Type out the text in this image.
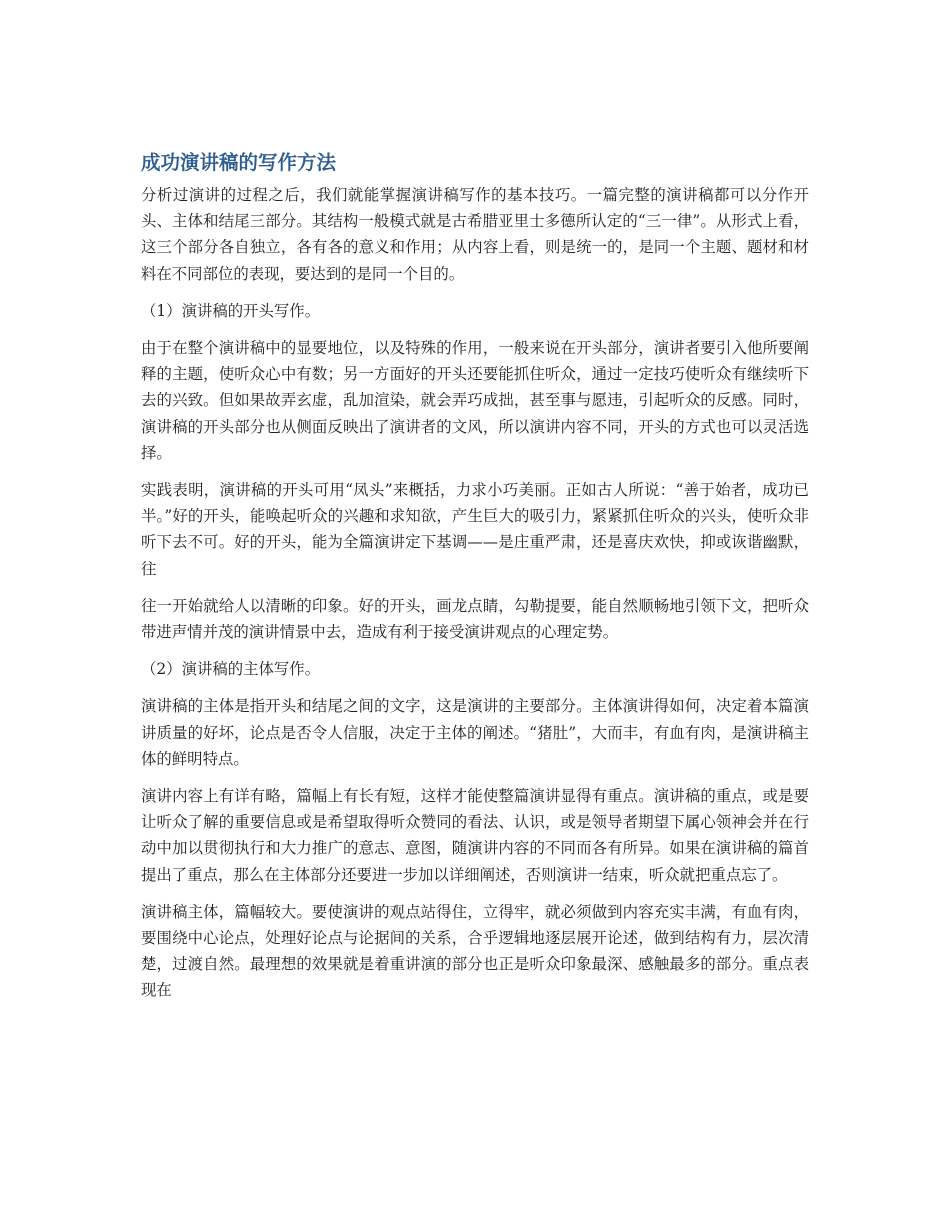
成功演讲稿的写作方法

分析过演讲的过程之后，我们就能掌握演讲稿写作的基本技巧。一篇完整的演讲稿都可以分作开头、主体和结尾三部分。其结构一般模式就是古希腊亚里士多德所认定的“三一律”。从形式上看，这三个部分各自独立，各有各的意义和作用；从内容上看，则是统一的，是同一个主题、题材和材料在不同部位的表现，要达到的是同一个目的。

（1）演讲稿的开头写作。

由于在整个演讲稿中的显要地位，以及特殊的作用，一般来说在开头部分，演讲者要引入他所要阐释的主题，使听众心中有数；另一方面好的开头还要能抓住听众，通过一定技巧使听众有继续听下去的兴致。但如果故弄玄虚，乱加渲染，就会弄巧成拙，甚至事与愿违，引起听众的反感。同时，演讲稿的开头部分也从侧面反映出了演讲者的文风，所以演讲内容不同，开头的方式也可以灵活选择。

实践表明，演讲稿的开头可用“凤头”来概括，力求小巧美丽。正如古人所说：“善于始者，成功已半。”好的开头，能唤起听众的兴趣和求知欲，产生巨大的吸引力，紧紧抓住听众的兴头，使听众非听下去不可。好的开头，能为全篇演讲定下基调——是庄重严肃，还是喜庆欢快，抑或诙谐幽默，往

往一开始就给人以清晰的印象。好的开头，画龙点睛，勾勒提要，能自然顺畅地引领下文，把听众带进声情并茂的演讲情景中去，造成有利于接受演讲观点的心理定势。

（2）演讲稿的主体写作。

演讲稿的主体是指开头和结尾之间的文字，这是演讲的主要部分。主体演讲得如何，决定着本篇演讲质量的好坏，论点是否令人信服，决定于主体的阐述。“猪肚”，大而丰，有血有肉，是演讲稿主体的鲜明特点。

演讲内容上有详有略，篇幅上有长有短，这样才能使整篇演讲显得有重点。演讲稿的重点，或是要让听众了解的重要信息或是希望取得听众赞同的看法、认识，或是领导者期望下属心领神会并在行动中加以贯彻执行和大力推广的意志、意图，随演讲内容的不同而各有所异。如果在演讲稿的篇首提出了重点，那么在主体部分还要进一步加以详细阐述，否则演讲一结束，听众就把重点忘了。

演讲稿主体，篇幅较大。要使演讲的观点站得住，立得牢，就必须做到内容充实丰满，有血有肉，要围绕中心论点，处理好论点与论据间的关系，合乎逻辑地逐层展开论述，做到结构有力，层次清楚，过渡自然。最理想的效果就是着重讲演的部分也正是听众印象最深、感触最多的部分。重点表现在
